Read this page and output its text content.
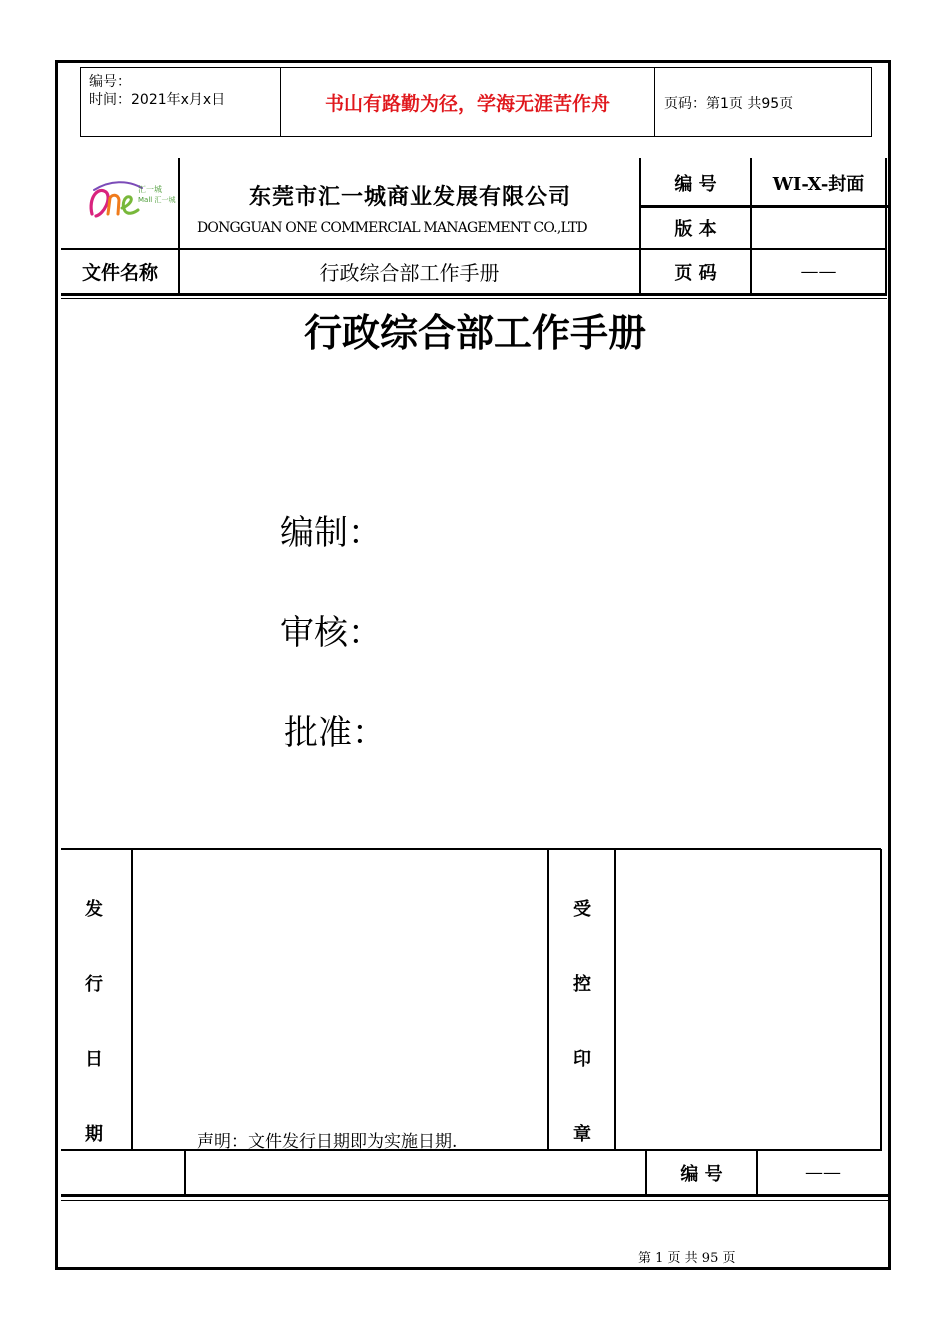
编号：
时间：2021年x月x日	书山有路勤为径，学海无涯苦作舟	页码：第1页 共95页
汇一城
Mall 汇一城	东莞市汇一城商业发展有限公司
DONGGUAN ONE COMMERCIAL MANAGEMENT CO.,LTD
编 号	WI-X-封面
版 本
文件名称	行政综合部工作手册	页 码	——
行政综合部工作手册
编制：
审核：
批准：
发
行
日
期
受
控
印
章
声明：文件发行日期即为实施日期.
编 号	——
第 1 页 共 95 页
